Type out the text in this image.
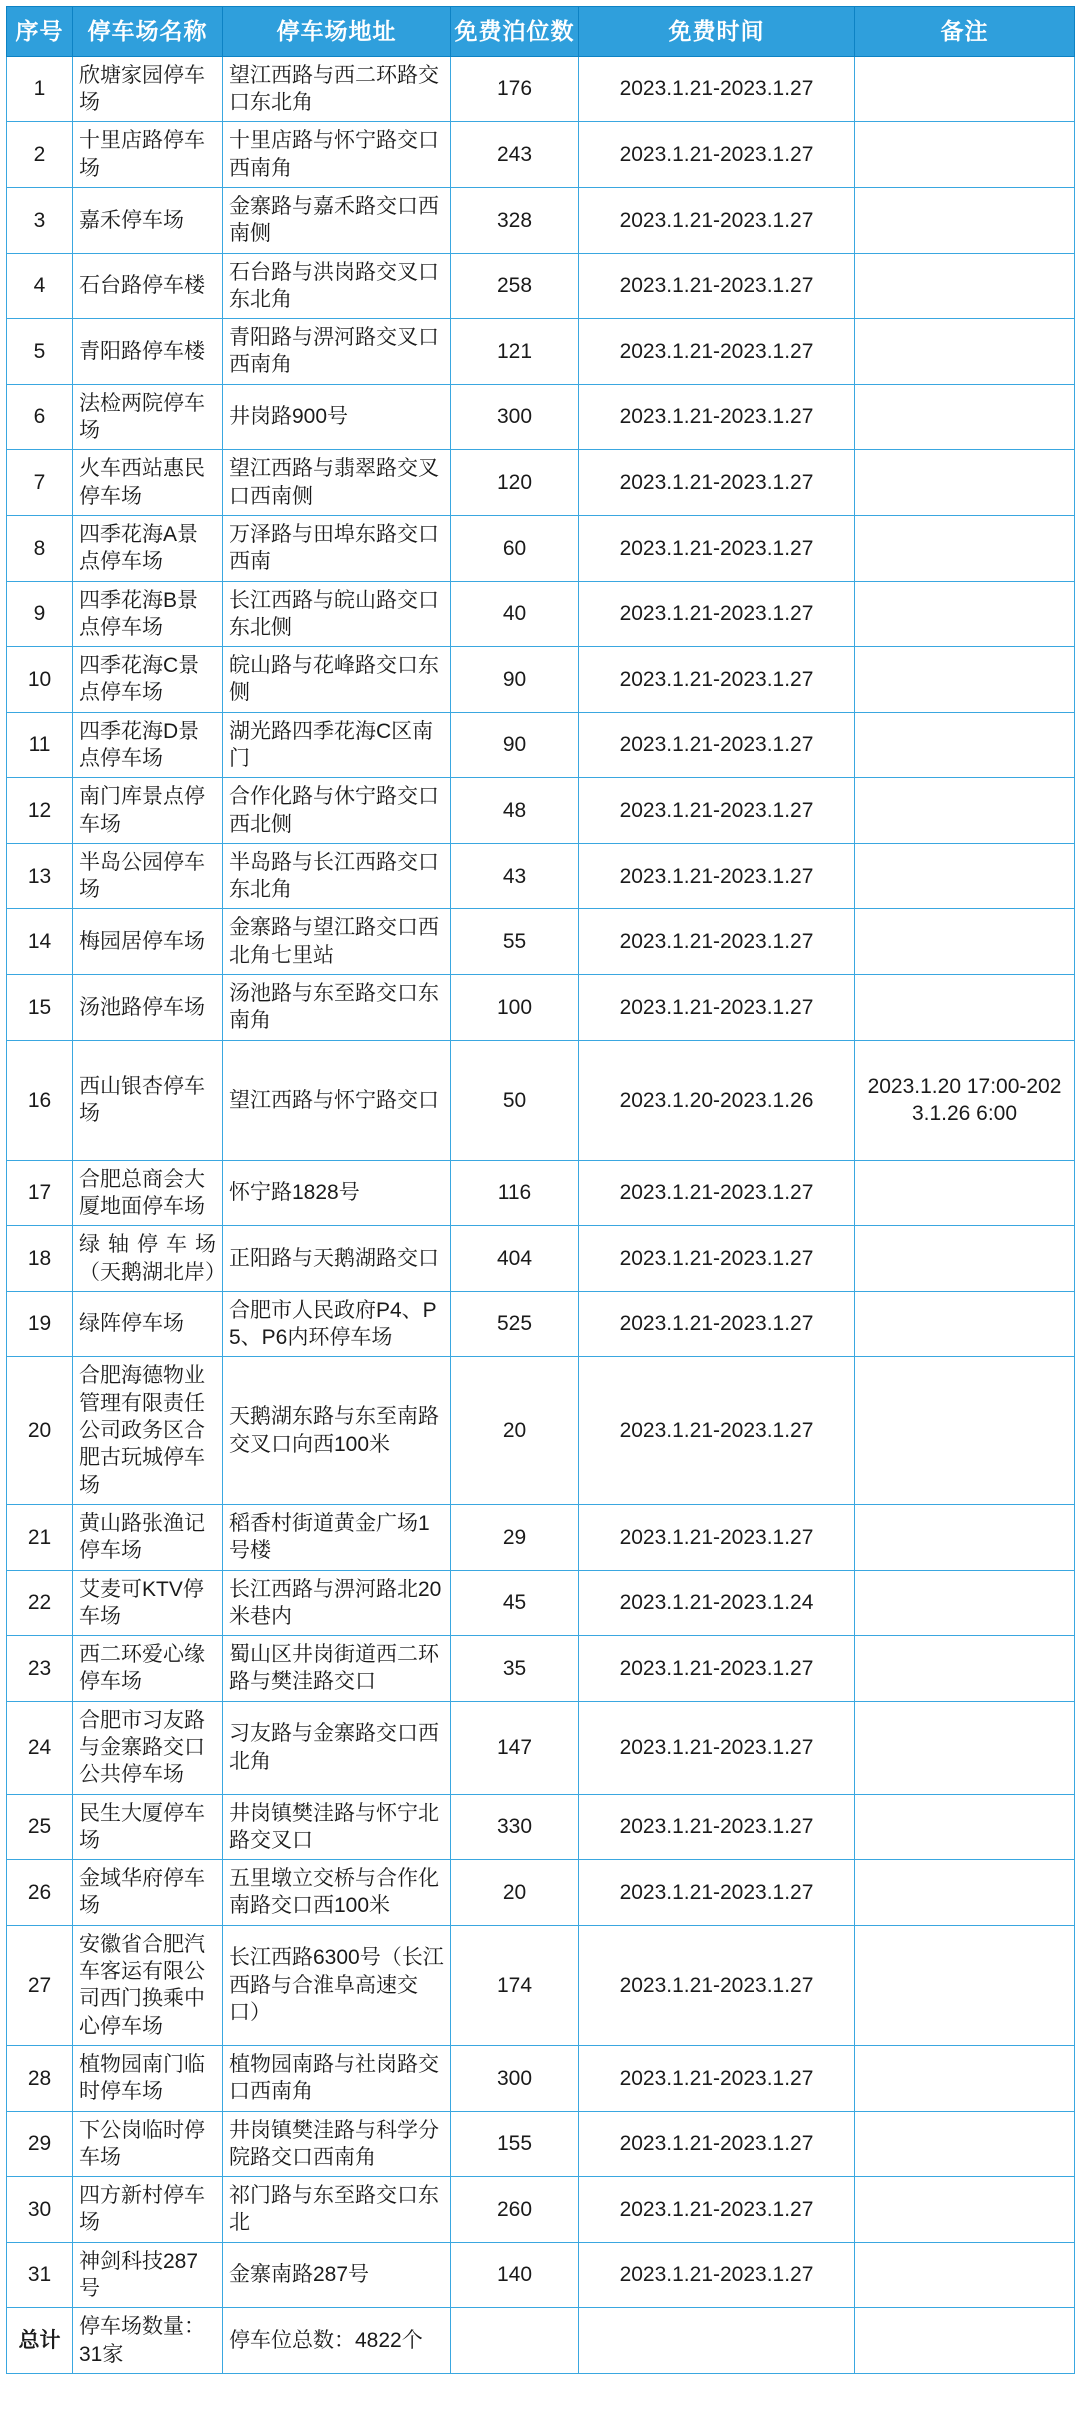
序号	停车场名称	停车场地址	免费泊位数	免费时间	备注
1	欣塘家园停车场	望江西路与西二环路交口东北角	176	2023.1.21-2023.1.27	
2	十里店路停车场	十里店路与怀宁路交口西南角	243	2023.1.21-2023.1.27	
3	嘉禾停车场	金寨路与嘉禾路交口西南侧	328	2023.1.21-2023.1.27	
4	石台路停车楼	石台路与洪岗路交叉口东北角	258	2023.1.21-2023.1.27	
5	青阳路停车楼	青阳路与淠河路交叉口西南角	121	2023.1.21-2023.1.27	
6	法检两院停车场	井岗路900号	300	2023.1.21-2023.1.27	
7	火车西站惠民停车场	望江西路与翡翠路交叉口西南侧	120	2023.1.21-2023.1.27	
8	四季花海A景点停车场	万泽路与田埠东路交口西南	60	2023.1.21-2023.1.27	
9	四季花海B景点停车场	长江西路与皖山路交口东北侧	40	2023.1.21-2023.1.27	
10	四季花海C景点停车场	皖山路与花峰路交口东侧	90	2023.1.21-2023.1.27	
11	四季花海D景点停车场	湖光路四季花海C区南门	90	2023.1.21-2023.1.27	
12	南门库景点停车场	合作化路与休宁路交口西北侧	48	2023.1.21-2023.1.27	
13	半岛公园停车场	半岛路与长江西路交口东北角	43	2023.1.21-2023.1.27	
14	梅园居停车场	金寨路与望江路交口西北角七里站	55	2023.1.21-2023.1.27	
15	汤池路停车场	汤池路与东至路交口东南角	100	2023.1.21-2023.1.27	
16	西山银杏停车场	望江西路与怀宁路交口	50	2023.1.20-2023.1.26	2023.1.20 17:00-2023.1.26 6:00
17	合肥总商会大厦地面停车场	怀宁路1828号	116	2023.1.21-2023.1.27	
18	绿轴停车场（天鹅湖北岸）	正阳路与天鹅湖路交口	404	2023.1.21-2023.1.27	
19	绿阵停车场	合肥市人民政府P4、P5、P6内环停车场	525	2023.1.21-2023.1.27	
20	合肥海德物业管理有限责任公司政务区合肥古玩城停车场	天鹅湖东路与东至南路交叉口向西100米	20	2023.1.21-2023.1.27	
21	黄山路张渔记停车场	稻香村街道黄金广场1号楼	29	2023.1.21-2023.1.27	
22	艾麦可KTV停车场	长江西路与淠河路北20米巷内	45	2023.1.21-2023.1.24	
23	西二环爱心缘停车场	蜀山区井岗街道西二环路与樊洼路交口	35	2023.1.21-2023.1.27	
24	合肥市习友路与金寨路交口公共停车场	习友路与金寨路交口西北角	147	2023.1.21-2023.1.27	
25	民生大厦停车场	井岗镇樊洼路与怀宁北路交叉口	330	2023.1.21-2023.1.27	
26	金域华府停车场	五里墩立交桥与合作化南路交口西100米	20	2023.1.21-2023.1.27	
27	安徽省合肥汽车客运有限公司西门换乘中心停车场	长江西路6300号（长江西路与合淮阜高速交口）	174	2023.1.21-2023.1.27	
28	植物园南门临时停车场	植物园南路与社岗路交口西南角	300	2023.1.21-2023.1.27	
29	下公岗临时停车场	井岗镇樊洼路与科学分院路交口西南角	155	2023.1.21-2023.1.27	
30	四方新村停车场	祁门路与东至路交口东北	260	2023.1.21-2023.1.27	
31	神剑科技287号	金寨南路287号	140	2023.1.21-2023.1.27	
总计	停车场数量：31家	停车位总数：4822个			
